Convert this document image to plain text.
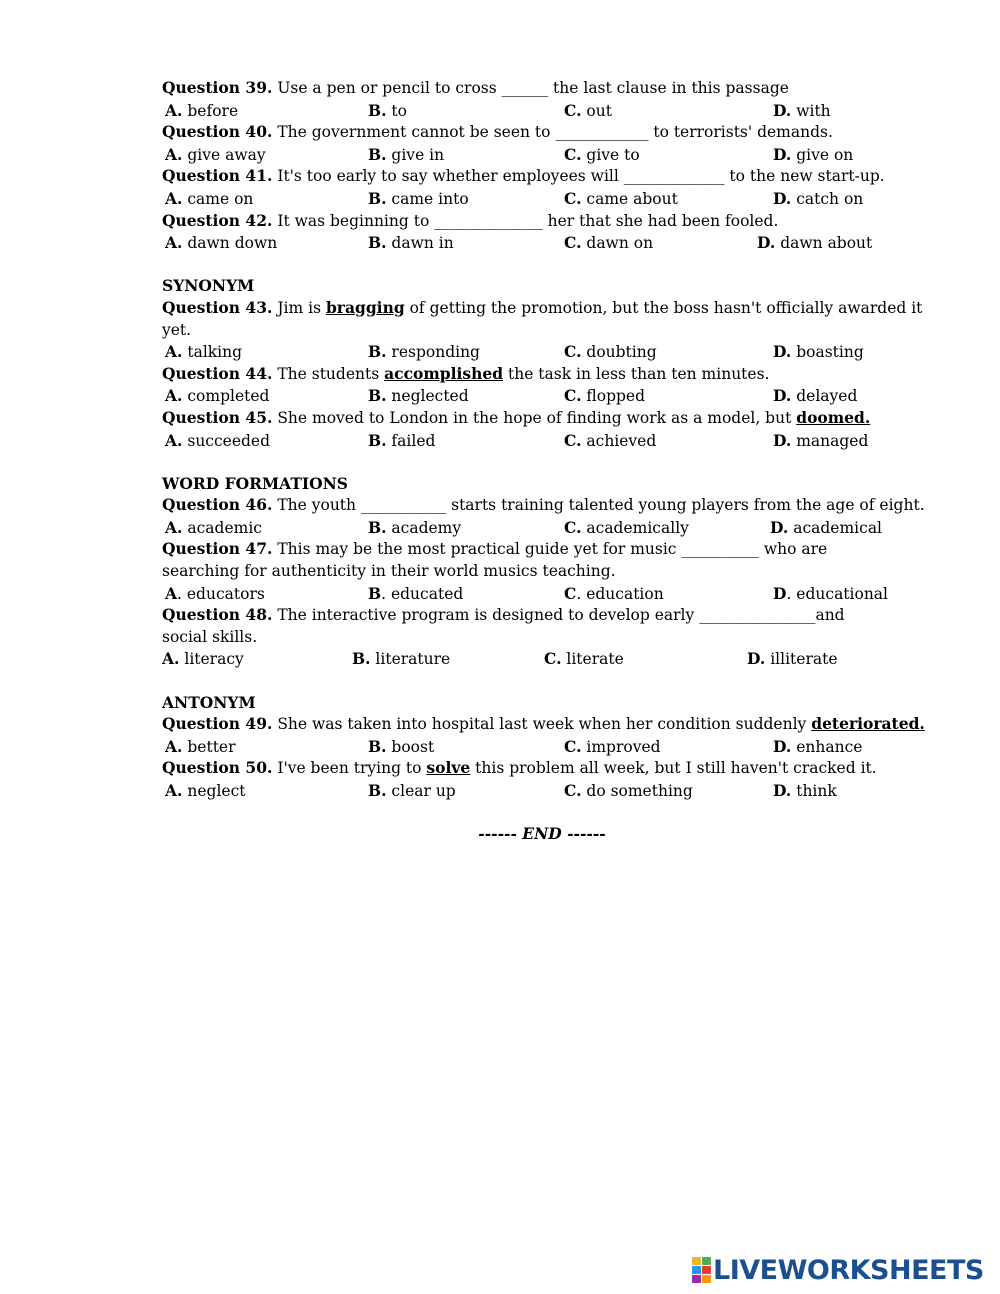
Question 39. Use a pen or pencil to cross ______ the last clause in this passage
A. before	B. to	C. out	D. with
Question 40. The government cannot be seen to ____________ to terrorists' demands.
A. give away	B. give in	C. give to	D. give on
Question 41. It's too early to say whether employees will _____________ to the new start-up.
A. came on	B. came into	C. came about	D. catch on
Question 42. It was beginning to ______________ her that she had been fooled.
A. dawn down	B. dawn in	C. dawn on	D. dawn about
SYNONYM
Question 43. Jim is bragging of getting the promotion, but the boss hasn't officially awarded it yet.
A. talking	B. responding	C. doubting	D. boasting
Question 44. The students accomplished the task in less than ten minutes.
A. completed	B. neglected	C. flopped	D. delayed
Question 45. She moved to London in the hope of finding work as a model, but doomed.
A. succeeded	B. failed	C. achieved	D. managed
WORD FORMATIONS
Question 46. The youth ___________ starts training talented young players from the age of eight.
A. academic	B. academy	C. academically	D. academical
Question 47. This may be the most practical guide yet for music __________ who are searching for authenticity in their world musics teaching.
A. educators	B. educated	C. education	D. educational
Question 48. The interactive program is designed to develop early _______________and social skills.
A. literacy	B. literature	C. literate	D. illiterate
ANTONYM
Question 49. She was taken into hospital last week when her condition suddenly deteriorated.
A. better	B. boost	C. improved	D. enhance
Question 50. I've been trying to solve this problem all week, but I still haven't cracked it.
A. neglect	B. clear up	C. do something	D. think
------ END ------
LIVEWORKSHEETS
